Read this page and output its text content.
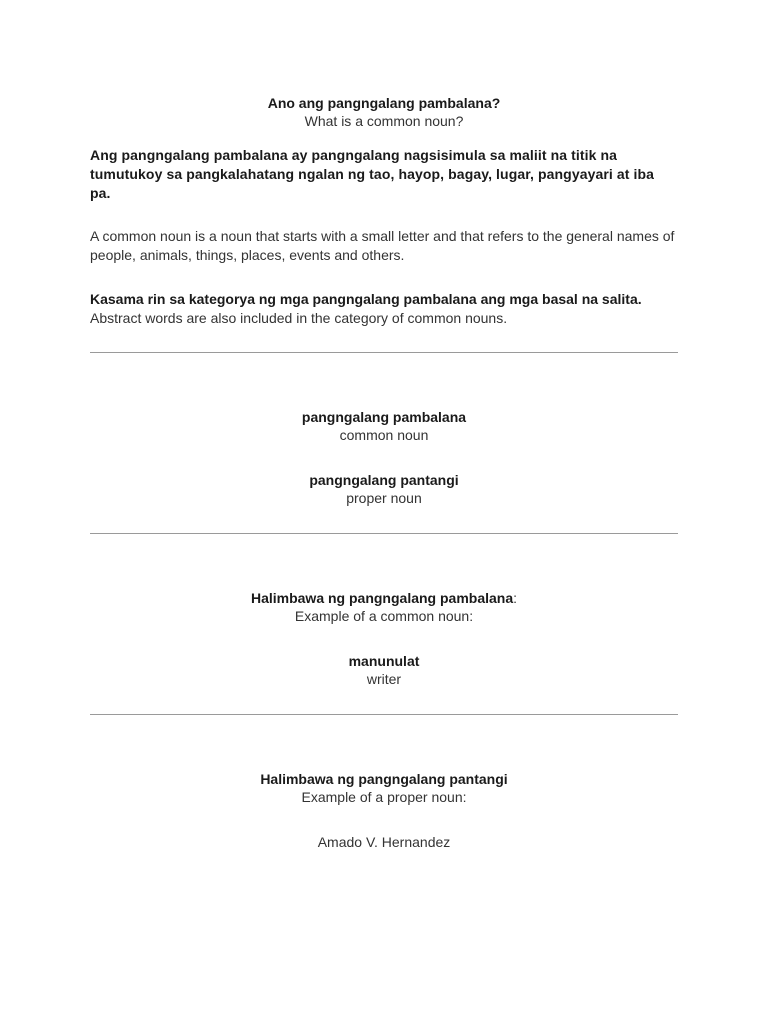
Ano ang pangngalang pambalana?
What is a common noun?
Ang pangngalang pambalana ay pangngalang nagsisimula sa maliit na titik na tumutukoy sa pangkalahatang ngalan ng tao, hayop, bagay, lugar, pangyayari at iba pa.
A common noun is a noun that starts with a small letter and that refers to the general names of people, animals, things, places, events and others.
Kasama rin sa kategorya ng mga pangngalang pambalana ang mga basal na salita. Abstract words are also included in the category of common nouns.
pangngalang pambalana
common noun
pangngalang pantangi
proper noun
Halimbawa ng pangngalang pambalana:
Example of a common noun:
manunulat
writer
Halimbawa ng pangngalang pantangi
Example of a proper noun:
Amado V. Hernandez
